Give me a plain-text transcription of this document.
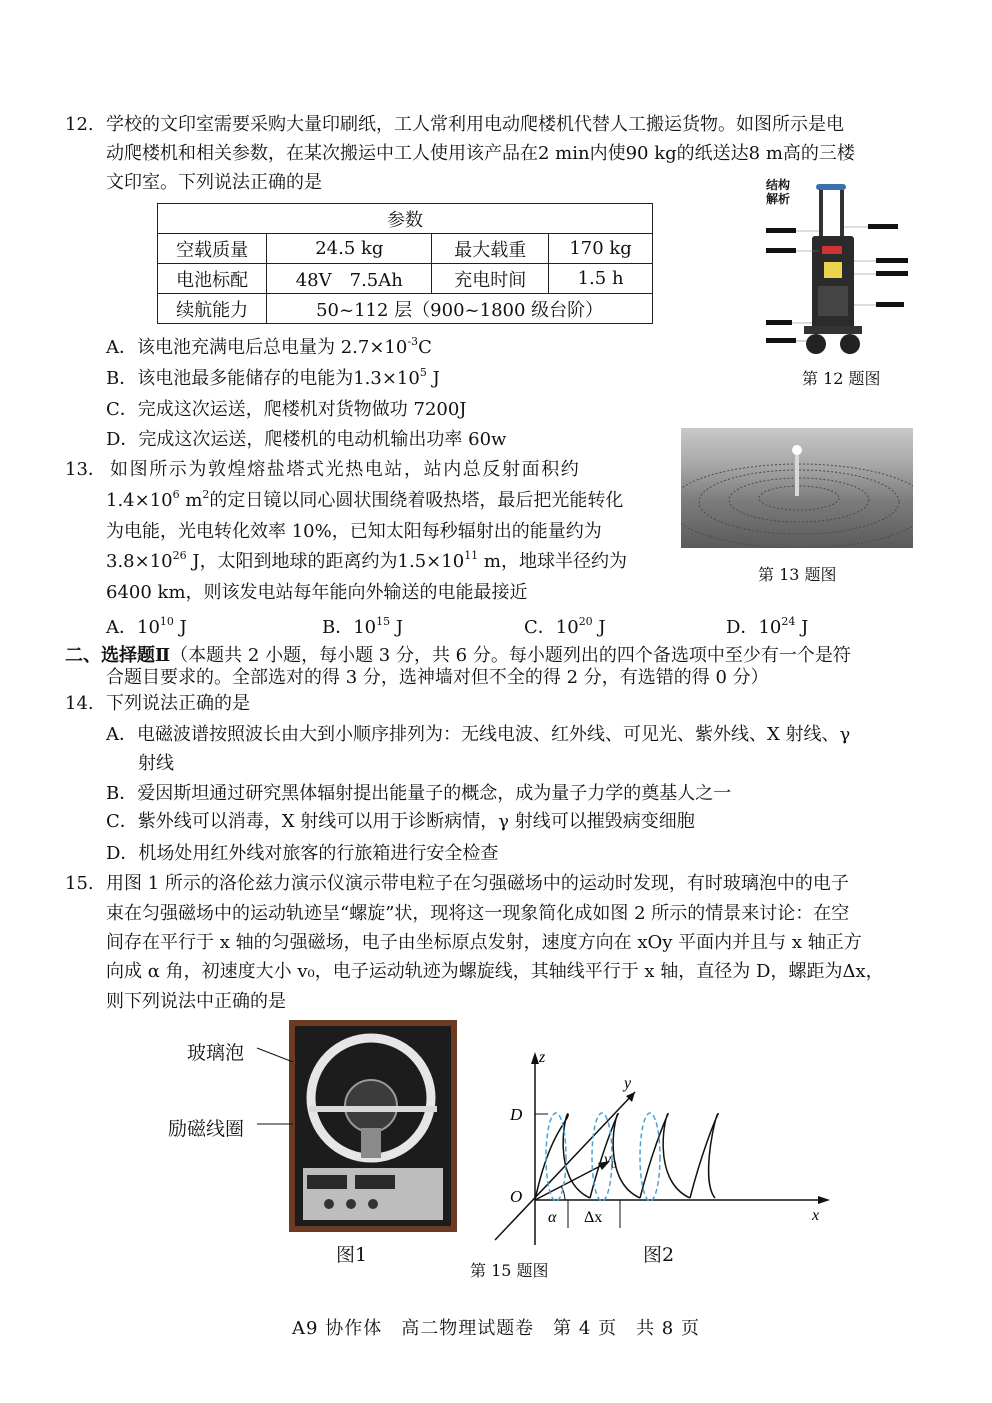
12. 学校的文印室需要采购大量印刷纸，工人常利用电动爬楼机代替人工搬运货物。如图所示是电
动爬楼机和相关参数，在某次搬运中工人使用该产品在2 min内使90 kg的纸送达8 m高的三楼
文印室。下列说法正确的是
参数			
空载质量	24.5 kg	最大载重	170 kg
电池标配	48V　7.5Ah	充电时间	1.5 h
续航能力	50~112 层（900~1800 级台阶）		
A．该电池充满电后总电量为 $2.7\times 10^{-3}C$
B．该电池最多能储存的电能为$1.3\times 10^5$ J
C．完成这次运送，爬楼机对货物做功 7200J
D．完成这次运送，爬楼机的电动机输出功率 60w
结构
解析
第 12 题图
13． 如图所示为敦煌熔盐塔式光热电站，站内总反射面积约
$1.4\times 10^6$ $m^2$的定日镜以同心圆状围绕着吸热塔，最后把光能转化
为电能，光电转化效率 10%，已知太阳每秒辐射出的能量约为
$3.8\times 10^{26}$ J，太阳到地球的距离约为$1.5\times 10^{11}$ m，地球半径约为
6400 km，则该发电站每年能向外输送的电能最接近
第 13 题图
A．$10^{10}$ J	B．$10^{15}$ J	C．$10^{20}$ J	D．$10^{24}$ J
二、选择题Ⅱ（本题共 2 小题，每小题 3 分，共 6 分。每小题列出的四个备选项中至少有一个是符
合题目要求的。全部选对的得 3 分，选神墙对但不全的得 2 分，有选错的得 0 分）
14. 下列说法正确的是
A．电磁波谱按照波长由大到小顺序排列为：无线电波、红外线、可见光、紫外线、X 射线、γ
射线
B．爱因斯坦通过研究黑体辐射提出能量子的概念，成为量子力学的奠基人之一
C．紫外线可以消毒，X 射线可以用于诊断病情，γ 射线可以摧毁病变细胞
D．机场处用红外线对旅客的行旅箱进行安全检查
15. 用图 1 所示的洛伦兹力演示仪演示带电粒子在匀强磁场中的运动时发现，有时玻璃泡中的电子
束在匀强磁场中的运动轨迹呈“螺旋”状，现将这一现象简化成如图 2 所示的情景来讨论：在空
间存在平行于 x 轴的匀强磁场，电子由坐标原点发射，速度方向在 xOy 平面内并且与 x 轴正方
向成 α 角，初速度大小 v₀，电子运动轨迹为螺旋线，其轴线平行于 x 轴，直径为 D，螺距为Δx，
则下列说法中正确的是
玻璃泡
励磁线圈
图1
z
y
x
D
O
α Δx
$v_0$
图2
第 15 题图
A9 协作体　高二物理试题卷　第 4 页　共 8 页
